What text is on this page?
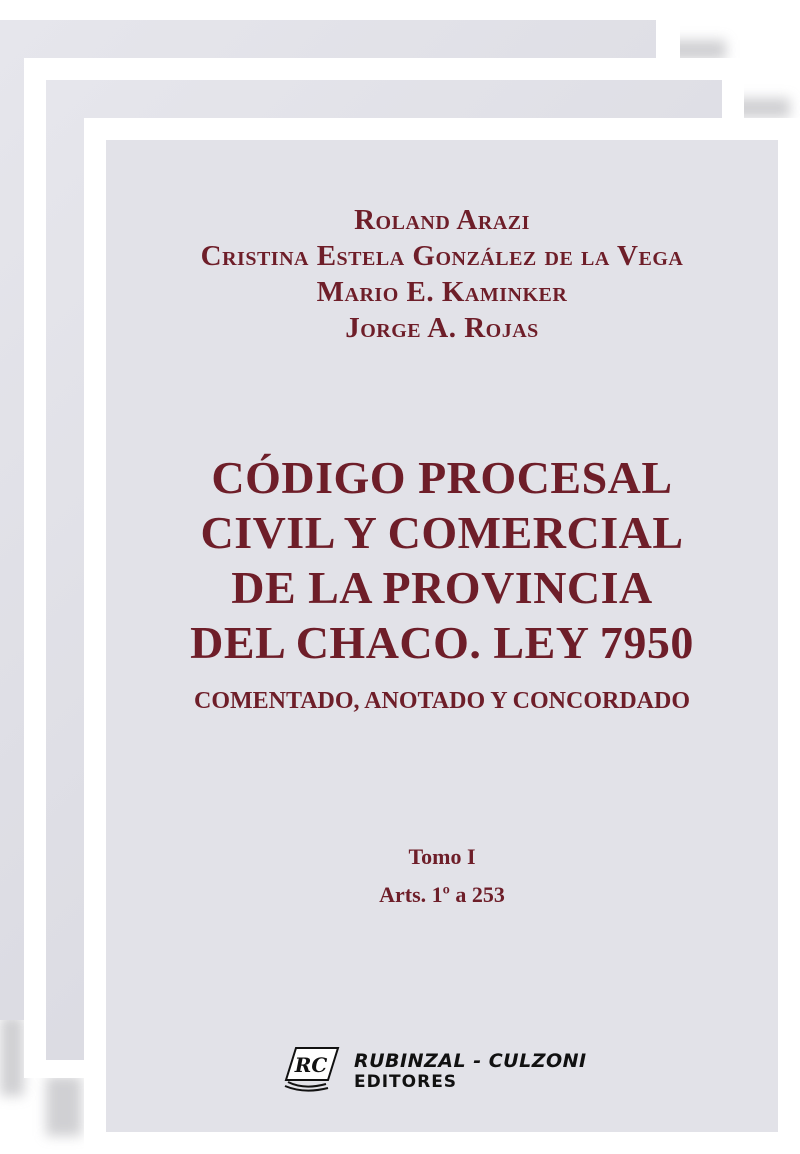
Roland Arazi
Cristina Estela González de la Vega
Mario E. Kaminker
Jorge A. Rojas
CÓDIGO PROCESAL
CIVIL Y COMERCIAL
DE LA PROVINCIA
DEL CHACO. LEY 7950
COMENTADO, ANOTADO Y CONCORDADO
Tomo I
Arts. 1º a 253
RC RUBINZAL - CULZONI
EDITORES
